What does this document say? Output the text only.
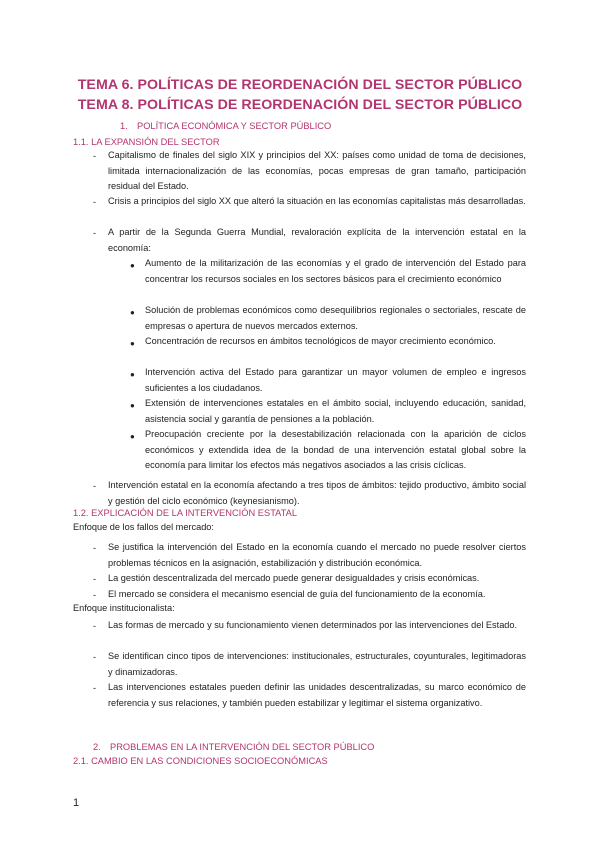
TEMA 6. POLÍTICAS DE REORDENACIÓN DEL SECTOR PÚBLICO
TEMA 8. POLÍTICAS DE REORDENACIÓN DEL SECTOR PÚBLICO
1. POLÍTICA ECONÓMICA Y SECTOR PÚBLICO
1.1. LA EXPANSIÓN DEL SECTOR
- Capitalismo de finales del siglo XIX y principios del XX: países como unidad de toma de decisiones, limitada internacionalización de las economías, pocas empresas de gran tamaño, participación residual del Estado.
- Crisis a principios del siglo XX que alteró la situación en las economías capitalistas más desarrolladas.
- A partir de la Segunda Guerra Mundial, revaloración explícita de la intervención estatal en la economía:
● Aumento de la militarización de las economías y el grado de intervención del Estado para concentrar los recursos sociales en los sectores básicos para el crecimiento económico
● Solución de problemas económicos como desequilibrios regionales o sectoriales, rescate de empresas o apertura de nuevos mercados externos.
● Concentración de recursos en ámbitos tecnológicos de mayor crecimiento económico.
● Intervención activa del Estado para garantizar un mayor volumen de empleo e ingresos suficientes a los ciudadanos.
● Extensión de intervenciones estatales en el ámbito social, incluyendo educación, sanidad, asistencia social y garantía de pensiones a la población.
● Preocupación creciente por la desestabilización relacionada con la aparición de ciclos económicos y extendida idea de la bondad de una intervención estatal global sobre la economía para limitar los efectos más negativos asociados a las crisis cíclicas.
- Intervención estatal en la economía afectando a tres tipos de ámbitos: tejido productivo, ámbito social y gestión del ciclo económico (keynesianismo).
1.2. EXPLICACIÓN DE LA INTERVENCIÓN ESTATAL
Enfoque de los fallos del mercado:
- Se justifica la intervención del Estado en la economía cuando el mercado no puede resolver ciertos problemas técnicos en la asignación, estabilización y distribución económica.
- La gestión descentralizada del mercado puede generar desigualdades y crisis económicas.
- El mercado se considera el mecanismo esencial de guía del funcionamiento de la economía.
Enfoque institucionalista:
- Las formas de mercado y su funcionamiento vienen determinados por las intervenciones del Estado.
- Se identifican cinco tipos de intervenciones: institucionales, estructurales, coyunturales, legitimadoras y dinamizadoras.
- Las intervenciones estatales pueden definir las unidades descentralizadas, su marco económico de referencia y sus relaciones, y también pueden estabilizar y legitimar el sistema organizativo.
2. PROBLEMAS EN LA INTERVENCIÓN DEL SECTOR PÚBLICO
2.1. CAMBIO EN LAS CONDICIONES SOCIOECONÓMICAS
1
